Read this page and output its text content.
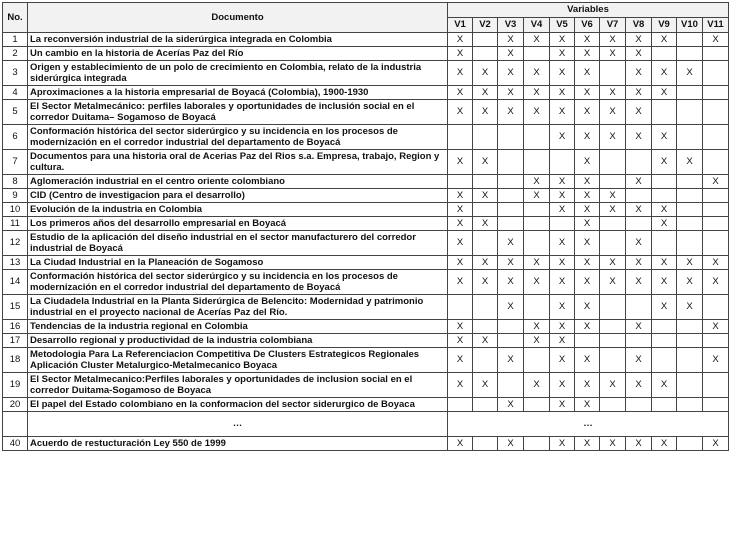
No.	Documento	Variables										
		V1	V2	V3	V4	V5	V6	V7	V8	V9	V10	V11
1	La reconversión industrial de la siderúrgica integrada en Colombia	X		X	X	X	X	X	X	X		X
2	Un cambio en la historia de Acerías Paz del Río	X		X		X	X	X	X			
3	Origen y establecimiento de un polo de crecimiento en Colombia, relato de la industria siderúrgica integrada	X	X	X	X	X	X		X	X	X	
4	Aproximaciones a la historia empresarial de Boyacá (Colombia), 1900-1930	X	X	X	X	X	X	X	X	X		
5	El Sector Metalmecánico: perfiles laborales y oportunidades de inclusión social en el corredor Duitama– Sogamoso de Boyacá	X	X	X	X	X	X	X	X			
6	Conformación histórica del sector siderúrgico y su incidencia en los procesos de modernización en el corredor industrial del departamento de Boyacá					X	X	X	X	X		
7	Documentos para una historia oral de Acerias Paz del Rios s.a. Empresa, trabajo, Region y cultura.	X	X				X			X	X	
8	Aglomeración industrial en el centro oriente colombiano				X	X	X		X			X
9	CID (Centro de investigacion para el desarrollo)	X	X		X	X	X	X				
10	Evolución de la industria en Colombia	X				X	X	X	X	X		
11	Los primeros años del desarrollo empresarial en Boyacá	X	X				X			X		
12	Estudio de la aplicación del diseño industrial en el sector manufacturero del corredor industrial de Boyacá	X		X		X	X		X			
13	La Ciudad Industrial en la Planeación de Sogamoso	X	X	X	X	X	X	X	X	X	X	X
14	Conformación histórica del sector siderúrgico y su incidencia en los procesos de modernización en el corredor industrial del departamento de Boyacá	X	X	X	X	X	X	X	X	X	X	X
15	La Ciudadela Industrial en la Planta Siderúrgica de Belencito: Modernidad y patrimonio industrial en el proyecto nacional de Acerías Paz del Río.			X		X	X			X	X	
16	Tendencias de la industria regional en Colombia	X			X	X	X		X			X
17	Desarrollo regional y productividad de la industria colombiana	X	X		X	X						
18	Metodologia Para La Referenciacion Competitiva De Clusters Estrategicos Regionales Aplicación Cluster Metalurgico-Metalmecanico Boyaca	X		X		X	X		X			X
19	El Sector Metalmecanico:Perfiles laborales y oportunidades de inclusion social en el corredor Duitama-Sogamoso de Boyaca	X	X		X	X	X	X	X	X		
20	El papel del Estado colombiano en la conformacion del sector siderurgico de Boyaca			X		X	X					
	…	…										
40	Acuerdo de restucturación Ley 550 de 1999	X		X		X	X	X	X	X		X
